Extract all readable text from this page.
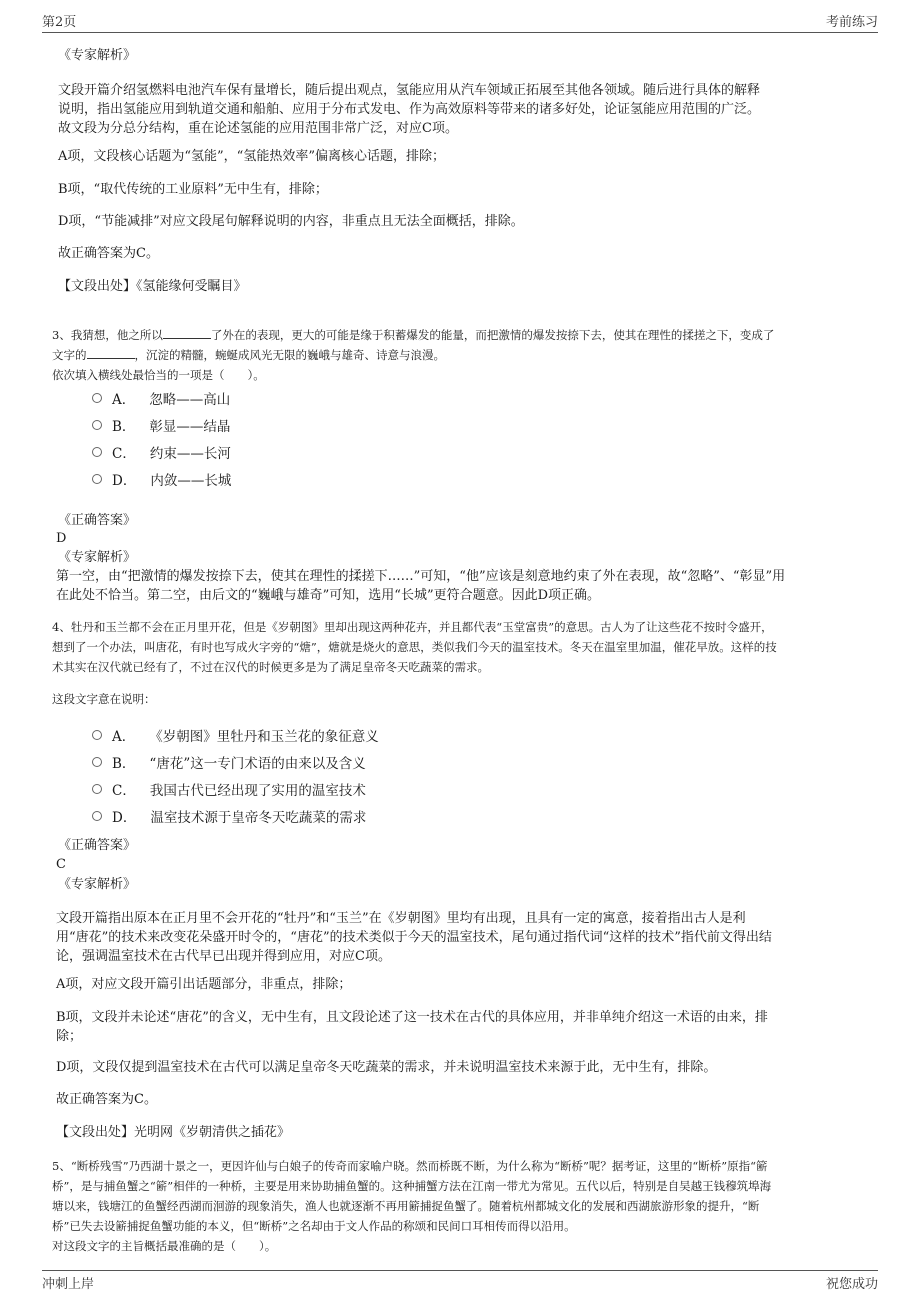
第2页	考前练习
《专家解析》
文段开篇介绍氢燃料电池汽车保有量增长，随后提出观点，氢能应用从汽车领域正拓展至其他各领域。随后进行具体的解释
说明，指出氢能应用到轨道交通和船舶、应用于分布式发电、作为高效原料等带来的诸多好处，论证氢能应用范围的广泛。
故文段为分总分结构，重在论述氢能的应用范围非常广泛，对应C项。
A项，文段核心话题为“氢能”，“氢能热效率”偏离核心话题，排除；
B项，“取代传统的工业原料”无中生有，排除；
D项，“节能减排”对应文段尾句解释说明的内容，非重点且无法全面概括，排除。
故正确答案为C。
【文段出处】《氢能缘何受瞩目》
3、我猜想，他之所以	了外在的表现，更大的可能是缘于积蓄爆发的能量，而把激情的爆发按捺下去，使其在理性的揉搓之下，变成了
文字的	，沉淀的精髓，蜿蜒成风光无限的巍峨与雄奇、诗意与浪漫。
依次填入横线处最恰当的一项是（　　）。
A． 忽略——高山
B． 彰显——结晶
C． 约束——长河
D． 内敛——长城
《正确答案》
D
《专家解析》
第一空，由“把激情的爆发按捺下去，使其在理性的揉搓下……”可知，“他”应该是刻意地约束了外在表现，故“忽略”、“彰显”用
在此处不恰当。第二空，由后文的“巍峨与雄奇”可知，选用“长城”更符合题意。因此D项正确。
4、牡丹和玉兰都不会在正月里开花，但是《岁朝图》里却出现这两种花卉，并且都代表“玉堂富贵”的意思。古人为了让这些花不按时令盛开，
想到了一个办法，叫唐花，有时也写成火字旁的“煻”，煻就是烧火的意思，类似我们今天的温室技术。冬天在温室里加温，催花早放。这样的技
术其实在汉代就已经有了，不过在汉代的时候更多是为了满足皇帝冬天吃蔬菜的需求。
这段文字意在说明：
A． 《岁朝图》里牡丹和玉兰花的象征意义
B． “唐花”这一专门术语的由来以及含义
C． 我国古代已经出现了实用的温室技术
D． 温室技术源于皇帝冬天吃蔬菜的需求
《正确答案》
C
《专家解析》
文段开篇指出原本在正月里不会开花的“牡丹”和“玉兰”在《岁朝图》里均有出现，且具有一定的寓意，接着指出古人是利
用“唐花”的技术来改变花朵盛开时令的，“唐花”的技术类似于今天的温室技术，尾句通过指代词“这样的技术”指代前文得出结
论，强调温室技术在古代早已出现并得到应用，对应C项。
A项，对应文段开篇引出话题部分，非重点，排除；
B项，文段并未论述“唐花”的含义，无中生有，且文段论述了这一技术在古代的具体应用，并非单纯介绍这一术语的由来，排
除；
D项，文段仅提到温室技术在古代可以满足皇帝冬天吃蔬菜的需求，并未说明温室技术来源于此，无中生有，排除。
故正确答案为C。
【文段出处】光明网《岁朝清供之插花》
5、“断桥残雪”乃西湖十景之一，更因许仙与白娘子的传奇而家喻户晓。然而桥既不断，为什么称为“断桥”呢？据考证，这里的“断桥”原指“簖
桥”，是与捕鱼蟹之“簖”相伴的一种桥，主要是用来协助捕鱼蟹的。这种捕蟹方法在江南一带尤为常见。五代以后，特别是自吴越王钱穆筑埠海
塘以来，钱塘江的鱼蟹经西湖而洄游的现象消失，渔人也就逐渐不再用簖捕捉鱼蟹了。随着杭州都城文化的发展和西湖旅游形象的提升，“断
桥”已失去设簖捕捉鱼蟹功能的本义，但“断桥”之名却由于文人作品的称颂和民间口耳相传而得以沿用。
对这段文字的主旨概括最准确的是（　　）。
冲刺上岸	祝您成功
